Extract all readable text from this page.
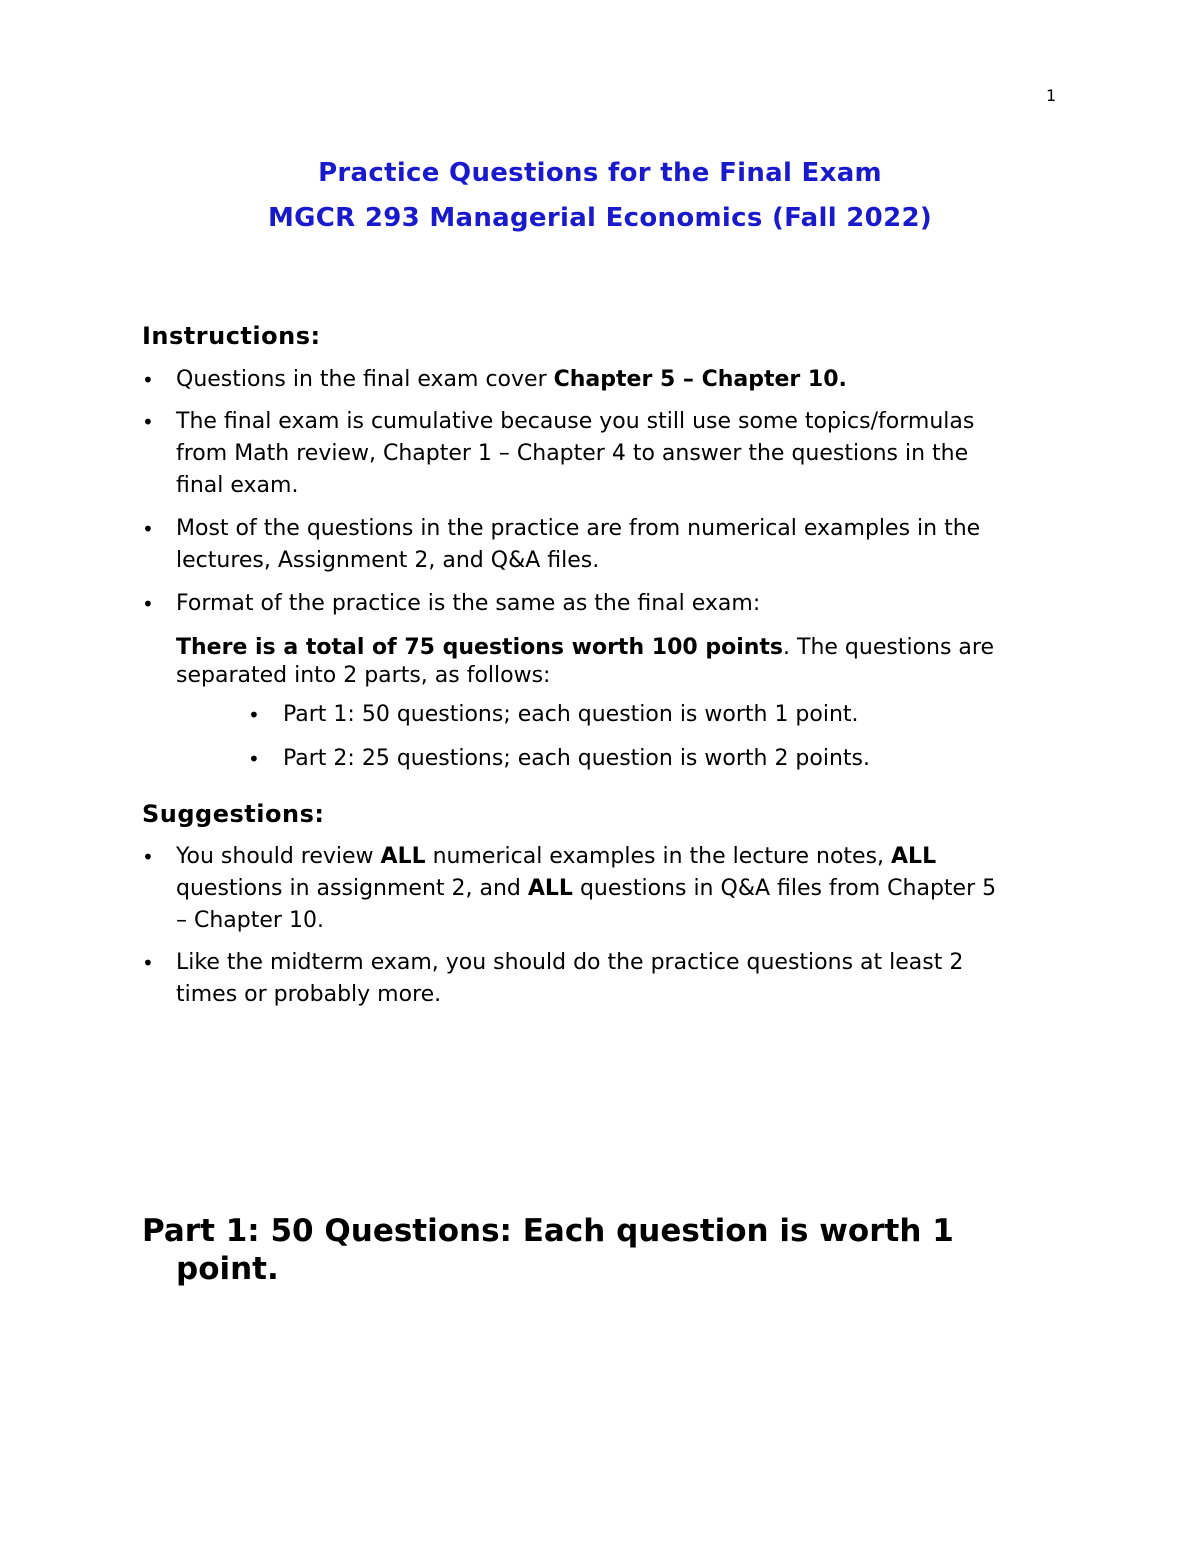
1
Practice Questions for the Final Exam
MGCR 293 Managerial Economics (Fall 2022)
Instructions:
•	Questions in the final exam cover Chapter 5 – Chapter 10.
•	The final exam is cumulative because you still use some topics/formulas
from Math review, Chapter 1 – Chapter 4 to answer the questions in the
final exam.
•	Most of the questions in the practice are from numerical examples in the
lectures, Assignment 2, and Q&A files.
•	Format of the practice is the same as the final exam:
There is a total of 75 questions worth 100 points. The questions are
separated into 2 parts, as follows:
•	Part 1: 50 questions; each question is worth 1 point.
•	Part 2: 25 questions; each question is worth 2 points.
Suggestions:
•	You should review ALL numerical examples in the lecture notes, ALL
questions in assignment 2, and ALL questions in Q&A files from Chapter 5
– Chapter 10.
•	Like the midterm exam, you should do the practice questions at least 2
times or probably more.
Part 1: 50 Questions: Each question is worth 1
point.
